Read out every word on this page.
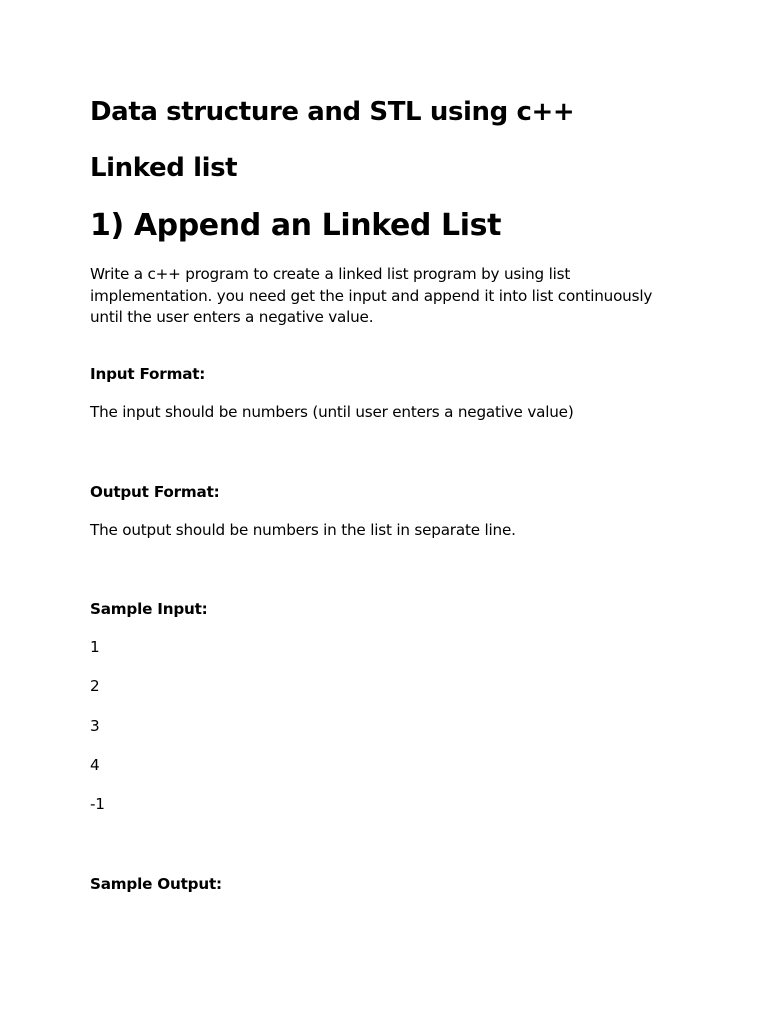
Data structure and STL using c++
Linked list
1) Append an Linked List
Write a c++ program to create a linked list program by using list implementation. you need get the input and append it into list continuously until the user enters a negative value.
Input Format:
The input should be numbers (until user enters a negative value)
Output Format:
The output should be numbers in the list in separate line.
Sample Input:
1
2
3
4
-1
Sample Output:
